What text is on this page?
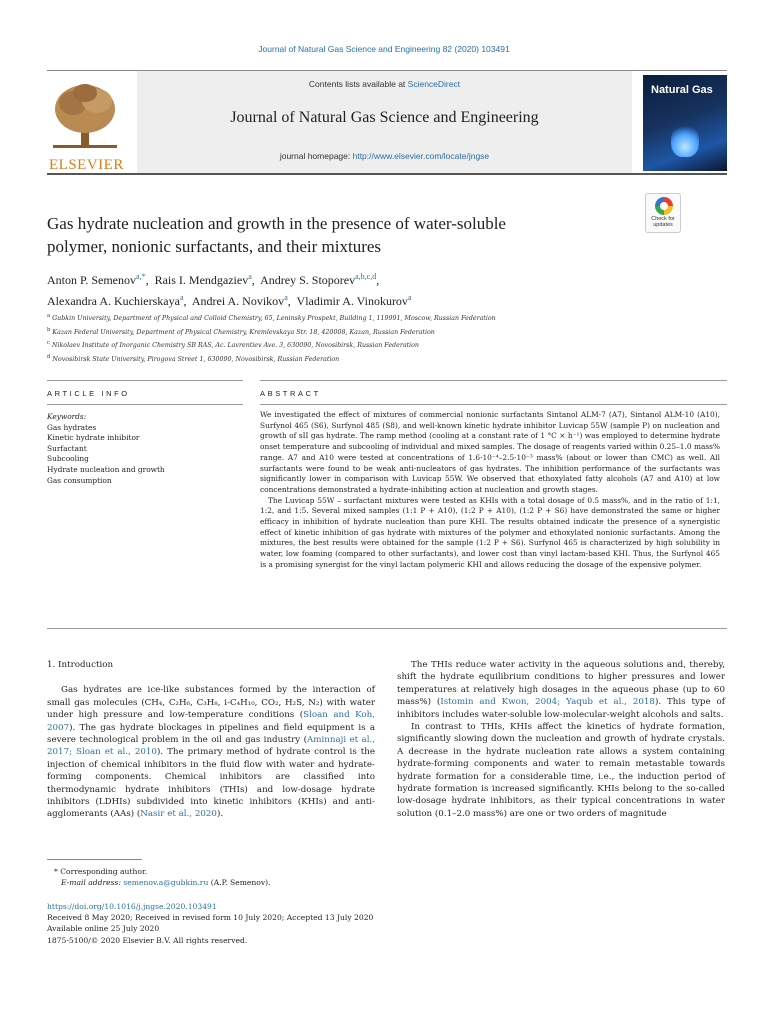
Journal of Natural Gas Science and Engineering 82 (2020) 103491
ELSEVIER
Contents lists available at ScienceDirect
Journal of Natural Gas Science and Engineering
journal homepage: http://www.elsevier.com/locate/jngse
Natural Gas
Check for
updates
Gas hydrate nucleation and growth in the presence of water-soluble
polymer, nonionic surfactants, and their mixtures
Anton P. Semenov$^{a,*}$,  Rais I. Mendgaziev$^a$,  Andrey S. Stoporev$^{a,b,c,d}$,
Alexandra A. Kuchierskaya$^a$,  Andrei A. Novikov$^a$,  Vladimir A. Vinokurov$^a$
$^a$ Gubkin University, Department of Physical and Colloid Chemistry, 65, Leninsky Prospekt, Building 1, 119991, Moscow, Russian Federation
$^b$ Kazan Federal University, Department of Physical Chemistry, Kremlevskaya Str. 18, 420008, Kazan, Russian Federation
$^c$ Nikolaev Institute of Inorganic Chemistry SB RAS, Ac. Lavrentiev Ave. 3, 630090, Novosibirsk, Russian Federation
$^d$ Novosibirsk State University, Pirogova Street 1, 630090, Novosibirsk, Russian Federation
ARTICLE INFO	ABSTRACT
Keywords:
Gas hydrates
Kinetic hydrate inhibitor
Surfactant
Subcooling
Hydrate nucleation and growth
Gas consumption

We investigated the effect of mixtures of commercial nonionic surfactants Sintanol ALM-7 (A7), Sintanol ALM-10 (A10), Surfynol 465 (S6), Surfynol 485 (S8), and well-known kinetic hydrate inhibitor Luvicap 55W (sample P) on nucleation and growth of sII gas hydrate. The ramp method (cooling at a constant rate of 1 °C × h⁻¹) was employed to determine hydrate onset temperature and subcooling of individual and mixed samples. The dosage of reagents varied within 0.25–1.0 mass% range. A7 and A10 were tested at concentrations of 1.6·10⁻⁴–2.5·10⁻³ mass% (about or lower than CMC) as well. All surfactants were found to be weak anti-nucleators of gas hydrates. The inhibition performance of the surfactants was significantly lower in comparison with Luvicap 55W. We observed that ethoxylated fatty alcohols (A7 and A10) at low concentrations demonstrated a hydrate-inhibiting action at nucleation and growth stages.

The Luvicap 55W – surfactant mixtures were tested as KHIs with a total dosage of 0.5 mass%, and in the ratio of 1:1, 1:2, and 1:5. Several mixed samples (1:1 P + A10), (1:2 P + A10), (1:2 P + S6) have demonstrated the same or higher efficacy in inhibition of hydrate nucleation than pure KHI. The results obtained indicate the presence of a synergistic effect of kinetic inhibition of gas hydrate with mixtures of the polymer and ethoxylated nonionic surfactants. Among the mixtures, the best results were obtained for the sample (1:2 P + S6). Surfynol 465 is characterized by high solubility in water, low foaming (compared to other surfactants), and lower cost than vinyl lactam-based KHI. Thus, the Surfynol 465 is a promising synergist for the vinyl lactam polymeric KHI and allows reducing the dosage of the expensive polymer.

1. Introduction

Gas hydrates are ice-like substances formed by the interaction of small gas molecules (CH₄, C₂H₆, C₃H₈, i-C₄H₁₀, CO₂, H₂S, N₂) with water under high pressure and low-temperature conditions (Sloan and Koh, 2007). The gas hydrate blockages in pipelines and field equipment is a severe technological problem in the oil and gas industry (Aminnaji et al., 2017; Sloan et al., 2010). The primary method of hydrate control is the injection of chemical inhibitors in the fluid flow with water and hydrate-forming components. Chemical inhibitors are classified into thermodynamic hydrate inhibitors (THIs) and low-dosage hydrate inhibitors (LDHIs) subdivided into kinetic inhibitors (KHIs) and anti-agglomerants (AAs) (Nasir et al., 2020).

The THIs reduce water activity in the aqueous solutions and, thereby, shift the hydrate equilibrium conditions to higher pressures and lower temperatures at relatively high dosages in the aqueous phase (up to 60 mass%) (Istomin and Kwon, 2004; Yaqub et al., 2018). This type of inhibitors includes water-soluble low-molecular-weight alcohols and salts.

In contrast to THIs, KHIs affect the kinetics of hydrate formation, significantly slowing down the nucleation and growth of hydrate crystals. A decrease in the hydrate nucleation rate allows a system containing hydrate-forming components and water to remain metastable towards hydrate formation for a considerable time, i.e., the induction period of hydrate formation is increased significantly. KHIs belong to the so-called low-dosage hydrate inhibitors, as their typical concentrations in water solution (0.1–2.0 mass%) are one or two orders of magnitude

* Corresponding author.
E-mail address: semenov.a@gubkin.ru (A.P. Semenov).
https://doi.org/10.1016/j.jngse.2020.103491
Received 8 May 2020; Received in revised form 10 July 2020; Accepted 13 July 2020
Available online 25 July 2020
1875-5100/© 2020 Elsevier B.V. All rights reserved.
